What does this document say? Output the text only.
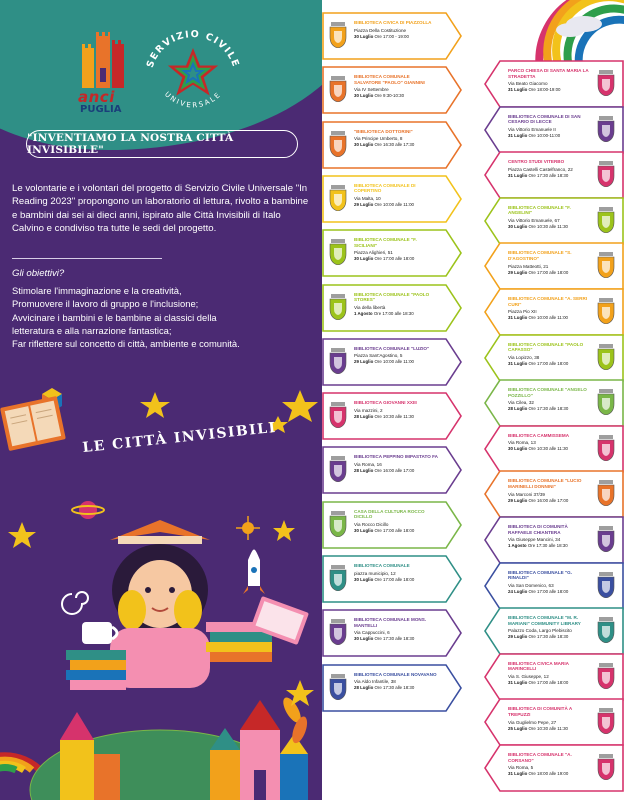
anci
PUGLIA
SERVIZIO CIVILE
UNIVERSALE
"INVENTIAMO LA NOSTRA CITTÀ INVISIBILE"

Le volontarie e i volontari del progetto di Servizio Civile Universale "In Reading 2023" propongono un laboratorio di lettura, rivolto a bambine e bambini dai sei ai dieci anni, ispirato alle Città Invisibili di Italo Calvino e condiviso tra tutte le sedi del progetto.

Gli obiettivi?
Stimolare l'immaginazione e la creatività,
Promuovere il lavoro di gruppo e l'inclusione;
Avvicinare i bambini e le bambine ai classici della
letteratura e alla narrazione fantastica;
Far riflettere sul concetto di città, ambiente e comunità.
LE CITTÀ INVISIBILI
BIBLIOTECA CIVICA DI PIAZZOLLA
Piazza Della Costituzione
30 Luglio Ore 17:00 - 19:00
BIBLIOTECA COMUNALE SALVATORE "PAOLO" GIANNINI
Via IV Settembre
30 Luglio Ore 9:30-10:30
"BIBLIOTECA DOTTORINI"
Via Principe Umberto, 8
30 Luglio Ore 16:30 alle 17:30
BIBLIOTECA COMUNALE DI COPERTINO
Via Malta, 10
29 Luglio Ore 10:00 alle 11:00
BIBLIOTECA COMUNALE "F. SICILIANI"
Piazza Alighieri, 51
30 Luglio Ore 17:00 alle 18:00
BIBLIOTECA COMUNALE "PAOLO STORES"
Via della libertà
1 Agosto Ore 17:00 alle 18:30
BIBLIOTECA COMUNALE "LUZIO"
Piazza Sant'Agostino, 5
29 Luglio Ore 10:00 alle 11:00
BIBLIOTECA GIOVANNI XXIII
Via mazzini, 2
28 Luglio Ore 10:30 alle 11:30
BIBLIOTECA PEPPINO IMPASTATO FA
Via Roma, 16
28 Luglio Ore 16:00 alle 17:00
CASA DELLA CULTURA ROCCO DICILLO
Via Rocco Dicillo
30 Luglio Ore 17:00 alle 18:00
BIBLIOTECA COMUNALE
piazza municipio, 12
30 Luglio Ore 17:00 alle 18:00
BIBLIOTECA COMUNALE MONS. MANTELLI
Via Cappuccini, 6
30 Luglio Ore 17:30 alle 18:30
BIBLIOTECA COMUNALE NOVAVANO
Via Aldo Infantile, 38
28 Luglio Ore 17:30 alle 18:30
PARCO CHIESA DI SANTA MARIA LA STRADETTA
Via Beato Giacomo
31 Luglio Ore 18:00-19:00
BIBLIOTECA COMUNALE DI SAN CESARIO DI LECCE
Via Vittorio Emanuele II
31 Luglio Ore 10:00-11:00
CENTRO STUDI VITERBO
Piazza Castelli Castelfranco, 22
31 Luglio Ore 17:30 alle 18:30
BIBLIOTECA COMUNALE "F. ANGELINI"
Via Vittorio Emanuele, 67
30 Luglio Ore 10:30 alle 11:30
BIBLIOTECA COMUNALE "S. D'AGOSTINO"
Piazza Matteotti, 21
29 Luglio Ore 17:00 alle 18:00
BIBLIOTECA COMUNALE "A. SERRI CURI"
Piazza Pio XII
31 Luglio Ore 10:00 alle 11:00
BIBLIOTECA COMUNALE "PAOLO CAPASSO"
Via Lopizzo, 38
31 Luglio Ore 17:00 alle 18:00
BIBLIOTECA COMUNALE "ANGELO POZZILLO"
Via Cilea, 32
28 Luglio Ore 17:30 alle 18:30
BIBLIOTECA CAMMISSEMA
Via Roma, 13
30 Luglio Ore 10:30 alle 11:30
BIBLIOTECA COMUNALE "LUCIO MARINELLI DONNINI"
Via Marconi 37/39
29 Luglio Ore 16:00 alle 17:00
BIBLIOTECA DI COMUNITÀ RAFFAELE CHIANTERA
Via Giuseppe Mancini, 34
1 Agosto Ore 17:30 alle 18:30
BIBLIOTECA COMUNALE "G. RINALDI"
Via San Domenico, 63
24 Luglio Ore 17:00 alle 18:00
BIBLIOTECA COMUNALE "M. R. MARIANI" COMMUNITY LIBRARY
Palazzo Coda, Largo Plebiscito
29 Luglio Ore 17:30 alle 18:30
BIBLIOTECA CIVICA MARIA MARINCELLI
Via S. Giuseppe, 12
31 Luglio Ore 17:00 alle 18:00
BIBLIOTECA DI COMUNITÀ A TREPUZZI
Via Guglielmo Pepe, 27
25 Luglio Ore 10:30 alle 11:30
BIBLIOTECA COMUNALE "A. CORSANO"
Via Roma, 5
31 Luglio Ore 18:00 alle 19:00
